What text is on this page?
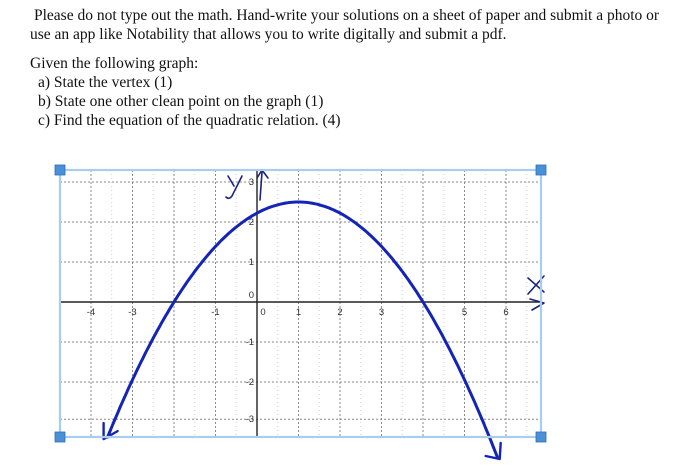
Please do not type out the math. Hand-write your solutions on a sheet of paper and submit a photo or use an app like Notability that allows you to write digitally and submit a pdf.

Given the following graph:

a) State the vertex (1)
b) State one other clean point on the graph (1)
c) Find the equation of the quadratic relation. (4)
-4	-3	-1	0	1	2	3	5	6
3
2
1
0
-1
-2
-3
